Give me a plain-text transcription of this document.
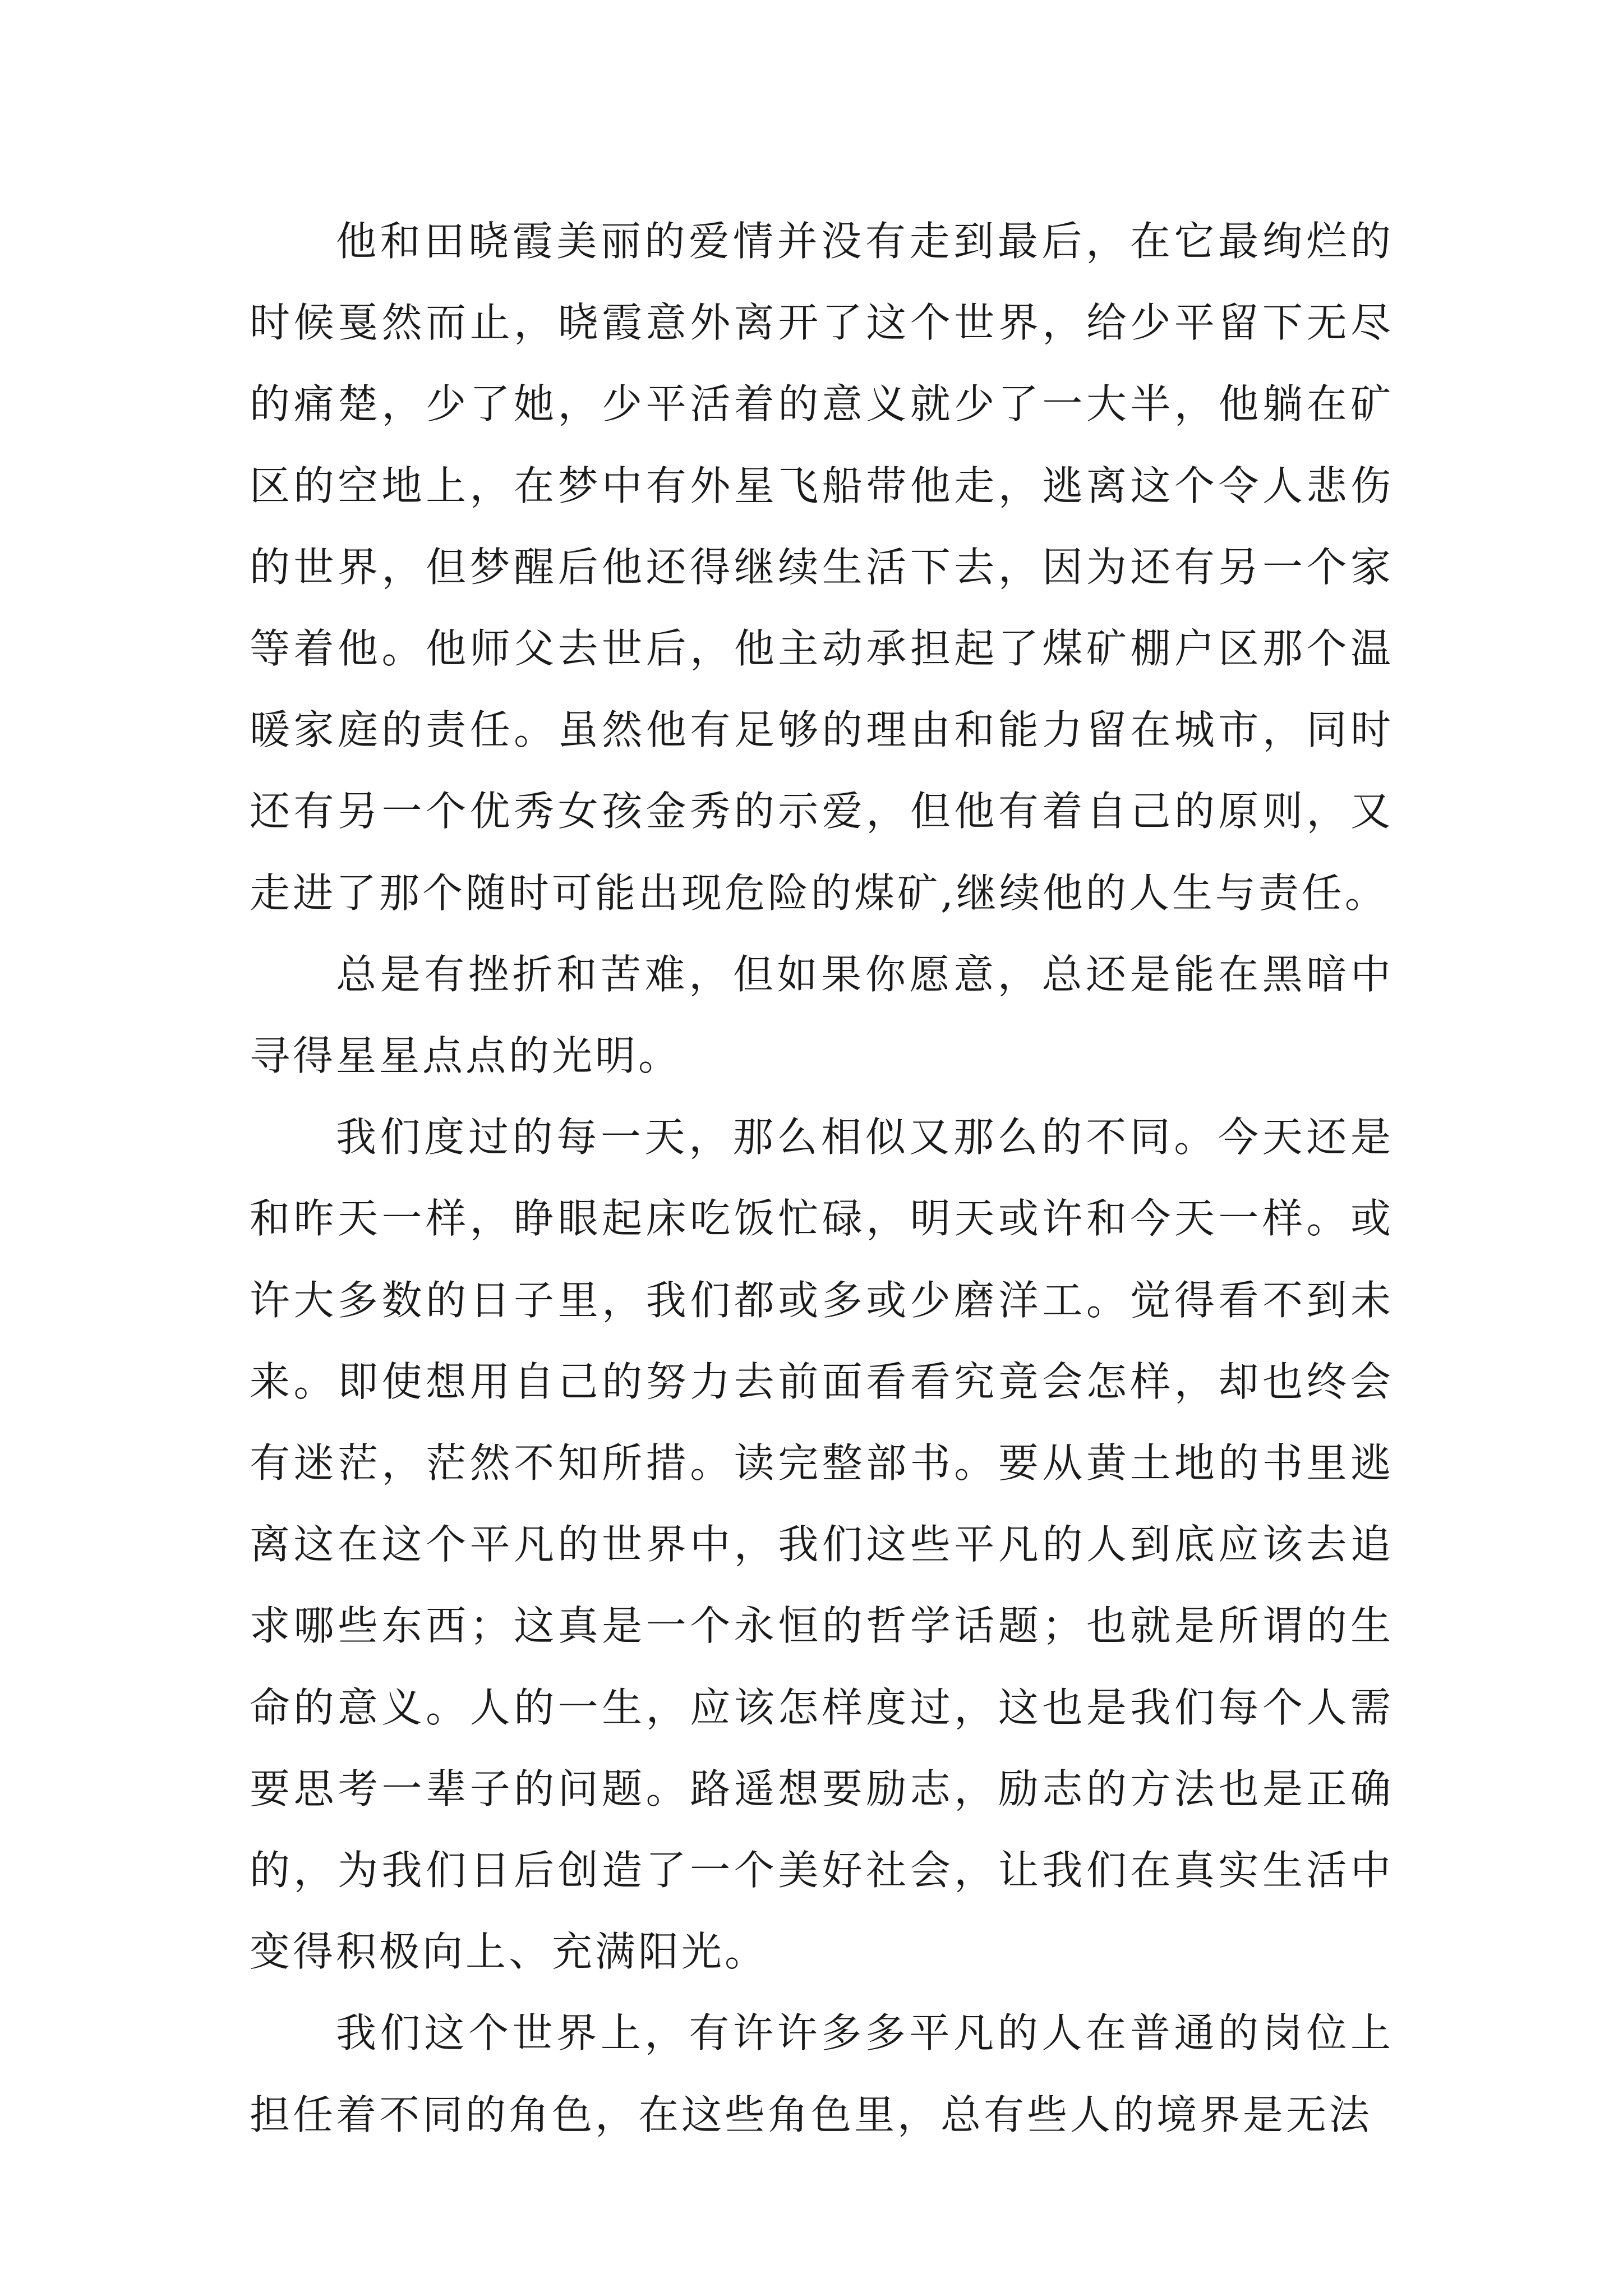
他和田晓霞美丽的爱情并没有走到最后，在它最绚烂的时候戛然而止，晓霞意外离开了这个世界，给少平留下无尽的痛楚，少了她，少平活着的意义就少了一大半，他躺在矿区的空地上，在梦中有外星飞船带他走，逃离这个令人悲伤的世界，但梦醒后他还得继续生活下去，因为还有另一个家等着他。他师父去世后，他主动承担起了煤矿棚户区那个温暖家庭的责任。虽然他有足够的理由和能力留在城市，同时还有另一个优秀女孩金秀的示爱，但他有着自己的原则，又走进了那个随时可能出现危险的煤矿,继续他的人生与责任。

总是有挫折和苦难，但如果你愿意，总还是能在黑暗中寻得星星点点的光明。

我们度过的每一天，那么相似又那么的不同。今天还是和昨天一样，睁眼起床吃饭忙碌，明天或许和今天一样。或许大多数的日子里，我们都或多或少磨洋工。觉得看不到未来。即使想用自己的努力去前面看看究竟会怎样，却也终会有迷茫，茫然不知所措。读完整部书。要从黄土地的书里逃离这在这个平凡的世界中，我们这些平凡的人到底应该去追求哪些东西；这真是一个永恒的哲学话题；也就是所谓的生命的意义。人的一生，应该怎样度过，这也是我们每个人需要思考一辈子的问题。路遥想要励志，励志的方法也是正确的，为我们日后创造了一个美好社会，让我们在真实生活中变得积极向上、充满阳光。

我们这个世界上，有许许多多平凡的人在普通的岗位上担任着不同的角色，在这些角色里，总有些人的境界是无法
